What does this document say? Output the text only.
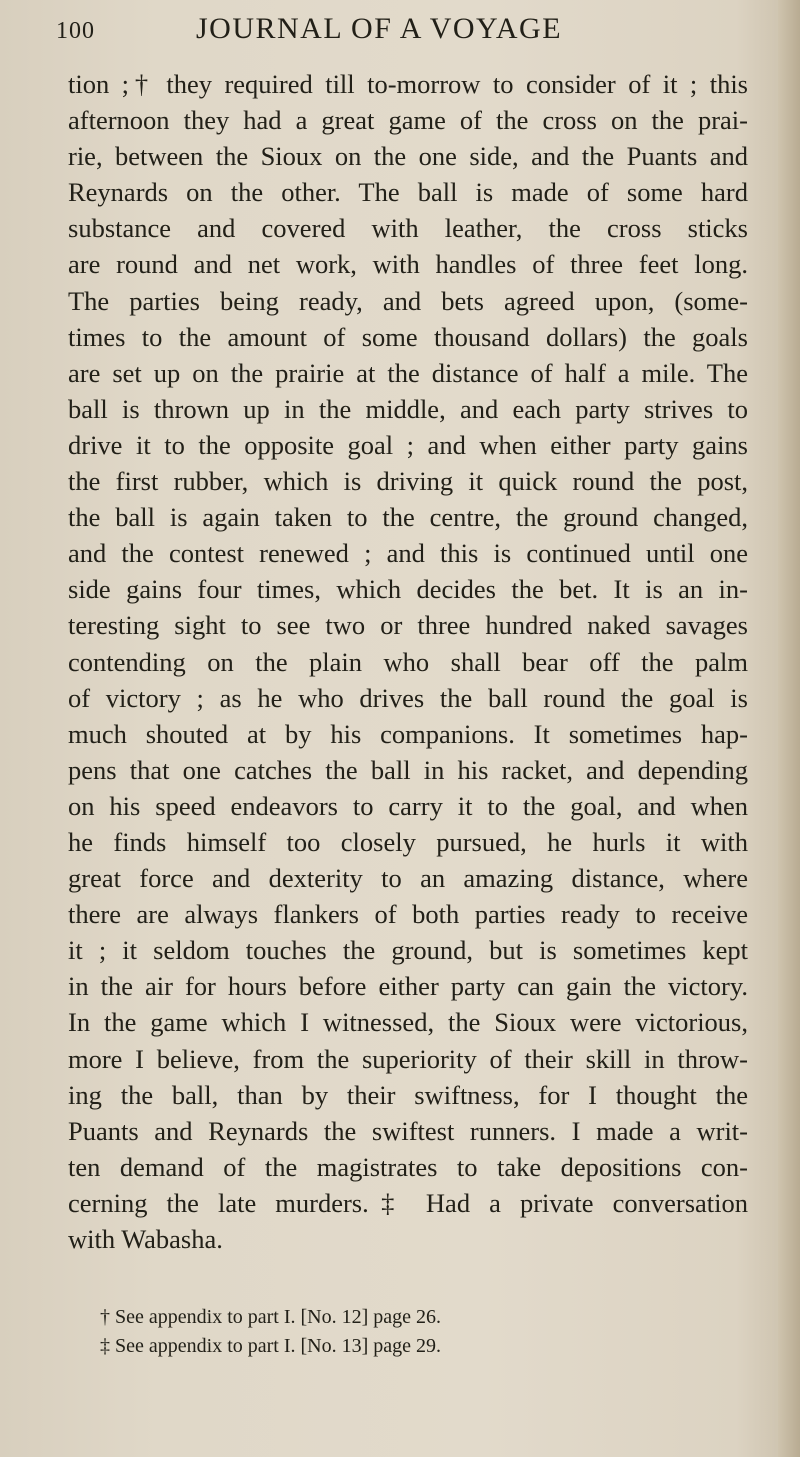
100	JOURNAL OF A VOYAGE
tion ;† they required till to-morrow to consider of it ; this
afternoon they had a great game of the cross on the prai-
rie, between the Sioux on the one side, and the Puants and
Reynards on the other. The ball is made of some hard
substance and covered with leather, the cross sticks
are round and net work, with handles of three feet long.
The parties being ready, and bets agreed upon, (some-
times to the amount of some thousand dollars) the goals
are set up on the prairie at the distance of half a mile. The
ball is thrown up in the middle, and each party strives to
drive it to the opposite goal ; and when either party gains
the first rubber, which is driving it quick round the post,
the ball is again taken to the centre, the ground changed,
and the contest renewed ; and this is continued until one
side gains four times, which decides the bet. It is an in-
teresting sight to see two or three hundred naked savages
contending on the plain who shall bear off the palm
of victory ; as he who drives the ball round the goal is
much shouted at by his companions. It sometimes hap-
pens that one catches the ball in his racket, and depending
on his speed endeavors to carry it to the goal, and when
he finds himself too closely pursued, he hurls it with
great force and dexterity to an amazing distance, where
there are always flankers of both parties ready to receive
it ; it seldom touches the ground, but is sometimes kept
in the air for hours before either party can gain the victory.
In the game which I witnessed, the Sioux were victorious,
more I believe, from the superiority of their skill in throw-
ing the ball, than by their swiftness, for I thought the
Puants and Reynards the swiftest runners. I made a writ-
ten demand of the magistrates to take depositions con-
cerning the late murders.‡ Had a private conversation
with Wabasha.
† See appendix to part I. [No. 12] page 26.
‡ See appendix to part I. [No. 13] page 29.
